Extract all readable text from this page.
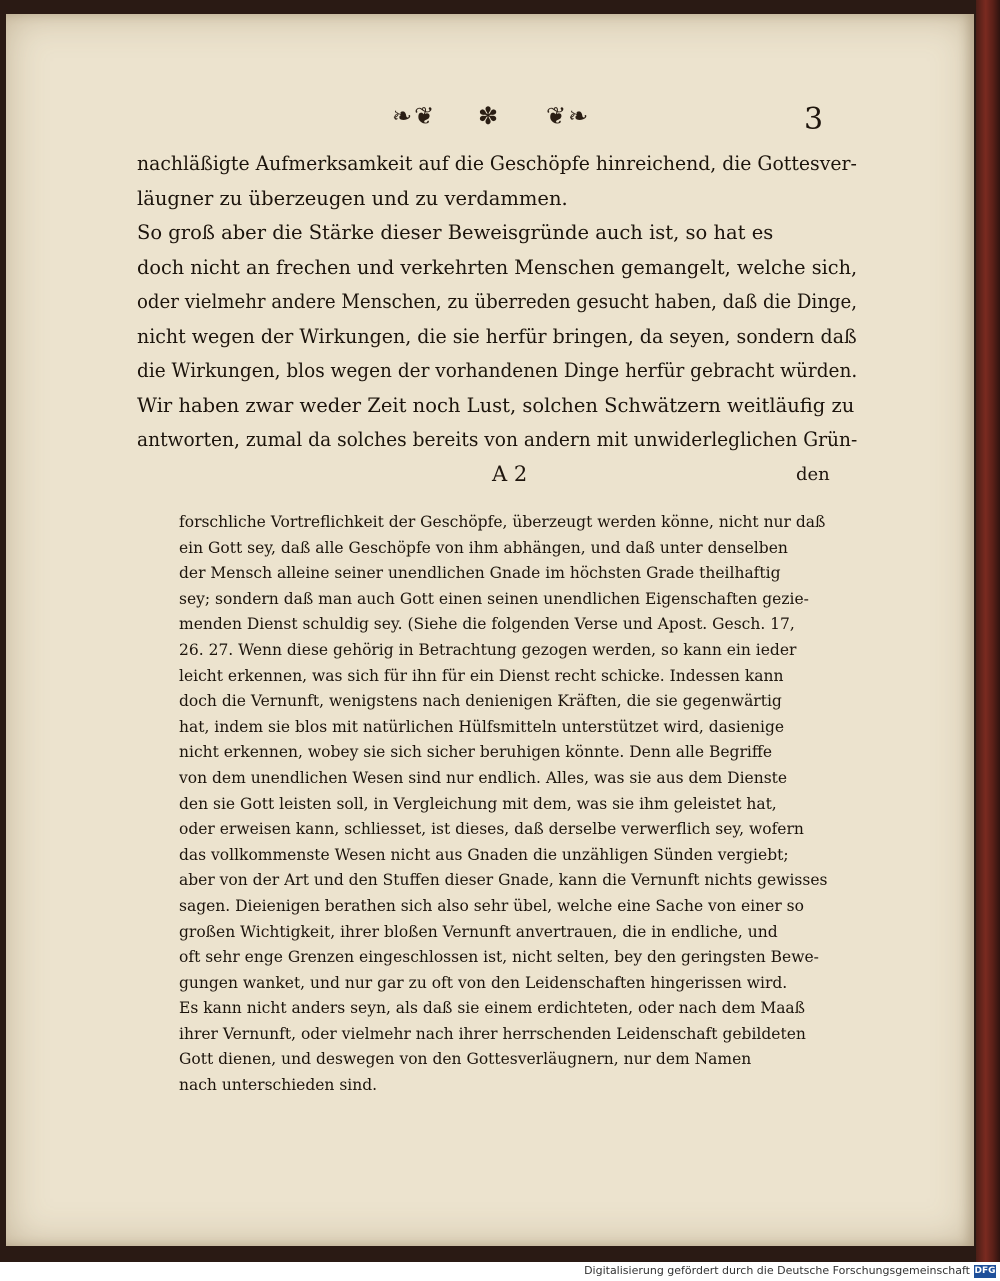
❧❦ ✽ ❦❧	3
nachläßigte Aufmerksamkeit auf die Geschöpfe hinreichend, die Gottesver-
läugner zu überzeugen und zu verdammen.
So groß aber die Stärke dieser Beweisgründe auch ist, so hat es
doch nicht an frechen und verkehrten Menschen gemangelt, welche sich,
oder vielmehr andere Menschen, zu überreden gesucht haben, daß die Dinge,
nicht wegen der Wirkungen, die sie herfür bringen, da seyen, sondern daß
die Wirkungen, blos wegen der vorhandenen Dinge herfür gebracht würden.
Wir haben zwar weder Zeit noch Lust, solchen Schwätzern weitläufig zu
antworten, zumal da solches bereits von andern mit unwiderleglichen Grün-
A 2	den
forschliche Vortreflichkeit der Geschöpfe, überzeugt werden könne, nicht nur daß
ein Gott sey, daß alle Geschöpfe von ihm abhängen, und daß unter denselben
der Mensch alleine seiner unendlichen Gnade im höchsten Grade theilhaftig
sey; sondern daß man auch Gott einen seinen unendlichen Eigenschaften gezie-
menden Dienst schuldig sey. (Siehe die folgenden Verse und Apost. Gesch. 17,
26. 27. Wenn diese gehörig in Betrachtung gezogen werden, so kann ein ieder
leicht erkennen, was sich für ihn für ein Dienst recht schicke. Indessen kann
doch die Vernunft, wenigstens nach denienigen Kräften, die sie gegenwärtig
hat, indem sie blos mit natürlichen Hülfsmitteln unterstützet wird, dasienige
nicht erkennen, wobey sie sich sicher beruhigen könnte. Denn alle Begriffe
von dem unendlichen Wesen sind nur endlich. Alles, was sie aus dem Dienste
den sie Gott leisten soll, in Vergleichung mit dem, was sie ihm geleistet hat,
oder erweisen kann, schliesset, ist dieses, daß derselbe verwerflich sey, wofern
das vollkommenste Wesen nicht aus Gnaden die unzähligen Sünden vergiebt;
aber von der Art und den Stuffen dieser Gnade, kann die Vernunft nichts gewisses
sagen. Dieienigen berathen sich also sehr übel, welche eine Sache von einer so
großen Wichtigkeit, ihrer bloßen Vernunft anvertrauen, die in endliche, und
oft sehr enge Grenzen eingeschlossen ist, nicht selten, bey den geringsten Bewe-
gungen wanket, und nur gar zu oft von den Leidenschaften hingerissen wird.
Es kann nicht anders seyn, als daß sie einem erdichteten, oder nach dem Maaß
ihrer Vernunft, oder vielmehr nach ihrer herrschenden Leidenschaft gebildeten
Gott dienen, und deswegen von den Gottesverläugnern, nur dem Namen
nach unterschieden sind.
Digitalisierung gefördert durch die Deutsche Forschungsgemeinschaft DFG
